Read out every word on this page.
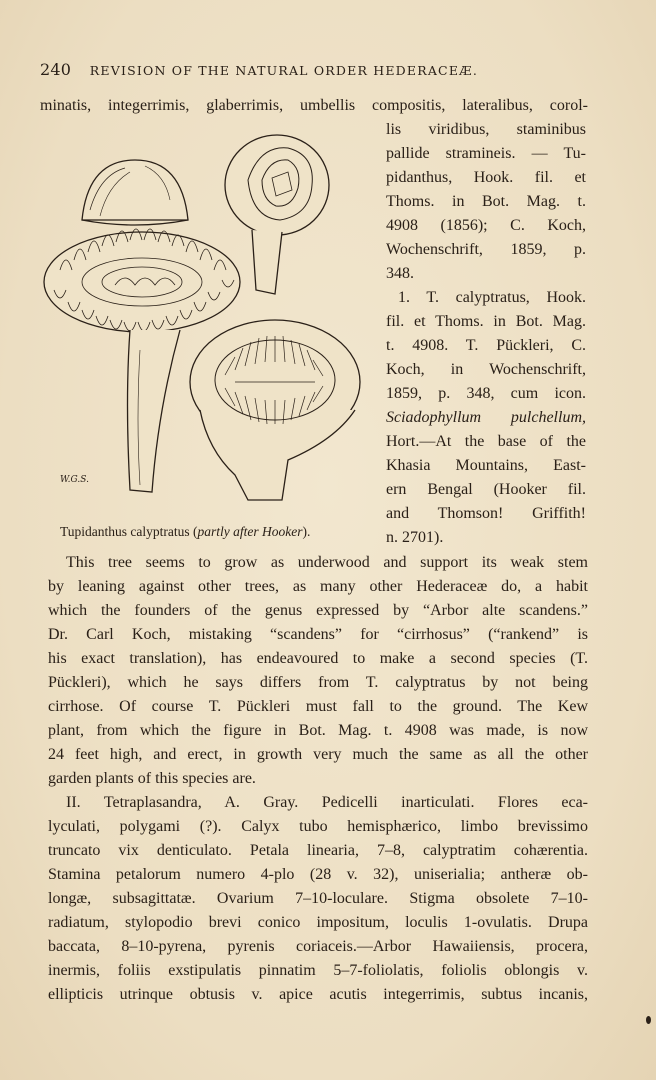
240 REVISION OF THE NATURAL ORDER HEDERACEÆ.
minatis, integerrimis, glaberrimis, umbellis compositis, lateralibus, corol-
W.G.S.
Tupidanthus calyptratus (partly after Hooker).
lis viridibus, staminibus
pallide stramineis. — Tu-
pidanthus, Hook. fil. et
Thoms. in Bot. Mag. t.
4908 (1856); C. Koch,
Wochenschrift, 1859, p.
348.
1. T. calyptratus, Hook.
fil. et Thoms. in Bot. Mag.
t. 4908. T. Pückleri, C.
Koch, in Wochenschrift,
1859, p. 348, cum icon.
Sciadophyllum pulchellum,
Hort.—At the base of the
Khasia Mountains, East-
ern Bengal (Hooker fil.
and Thomson! Griffith!
n. 2701).
This tree seems to grow as underwood and support its weak stem
by leaning against other trees, as many other Hederaceæ do, a habit
which the founders of the genus expressed by “Arbor alte scandens.”
Dr. Carl Koch, mistaking “scandens” for “cirrhosus” (“rankend” is
his exact translation), has endeavoured to make a second species (T.
Pückleri), which he says differs from T. calyptratus by not being
cirrhose. Of course T. Pückleri must fall to the ground. The Kew
plant, from which the figure in Bot. Mag. t. 4908 was made, is now
24 feet high, and erect, in growth very much the same as all the other
garden plants of this species are.
II. Tetraplasandra, A. Gray. Pedicelli inarticulati. Flores eca-
lyculati, polygami (?). Calyx tubo hemisphærico, limbo brevissimo
truncato vix denticulato. Petala linearia, 7–8, calyptratim cohærentia.
Stamina petalorum numero 4-plo (28 v. 32), uniserialia; antheræ ob-
longæ, subsagittatæ. Ovarium 7–10-loculare. Stigma obsolete 7–10-
radiatum, stylopodio brevi conico impositum, loculis 1-ovulatis. Drupa
baccata, 8–10-pyrena, pyrenis coriaceis.—Arbor Hawaiiensis, procera,
inermis, foliis exstipulatis pinnatim 5–7-foliolatis, foliolis oblongis v.
ellipticis utrinque obtusis v. apice acutis integerrimis, subtus incanis,
